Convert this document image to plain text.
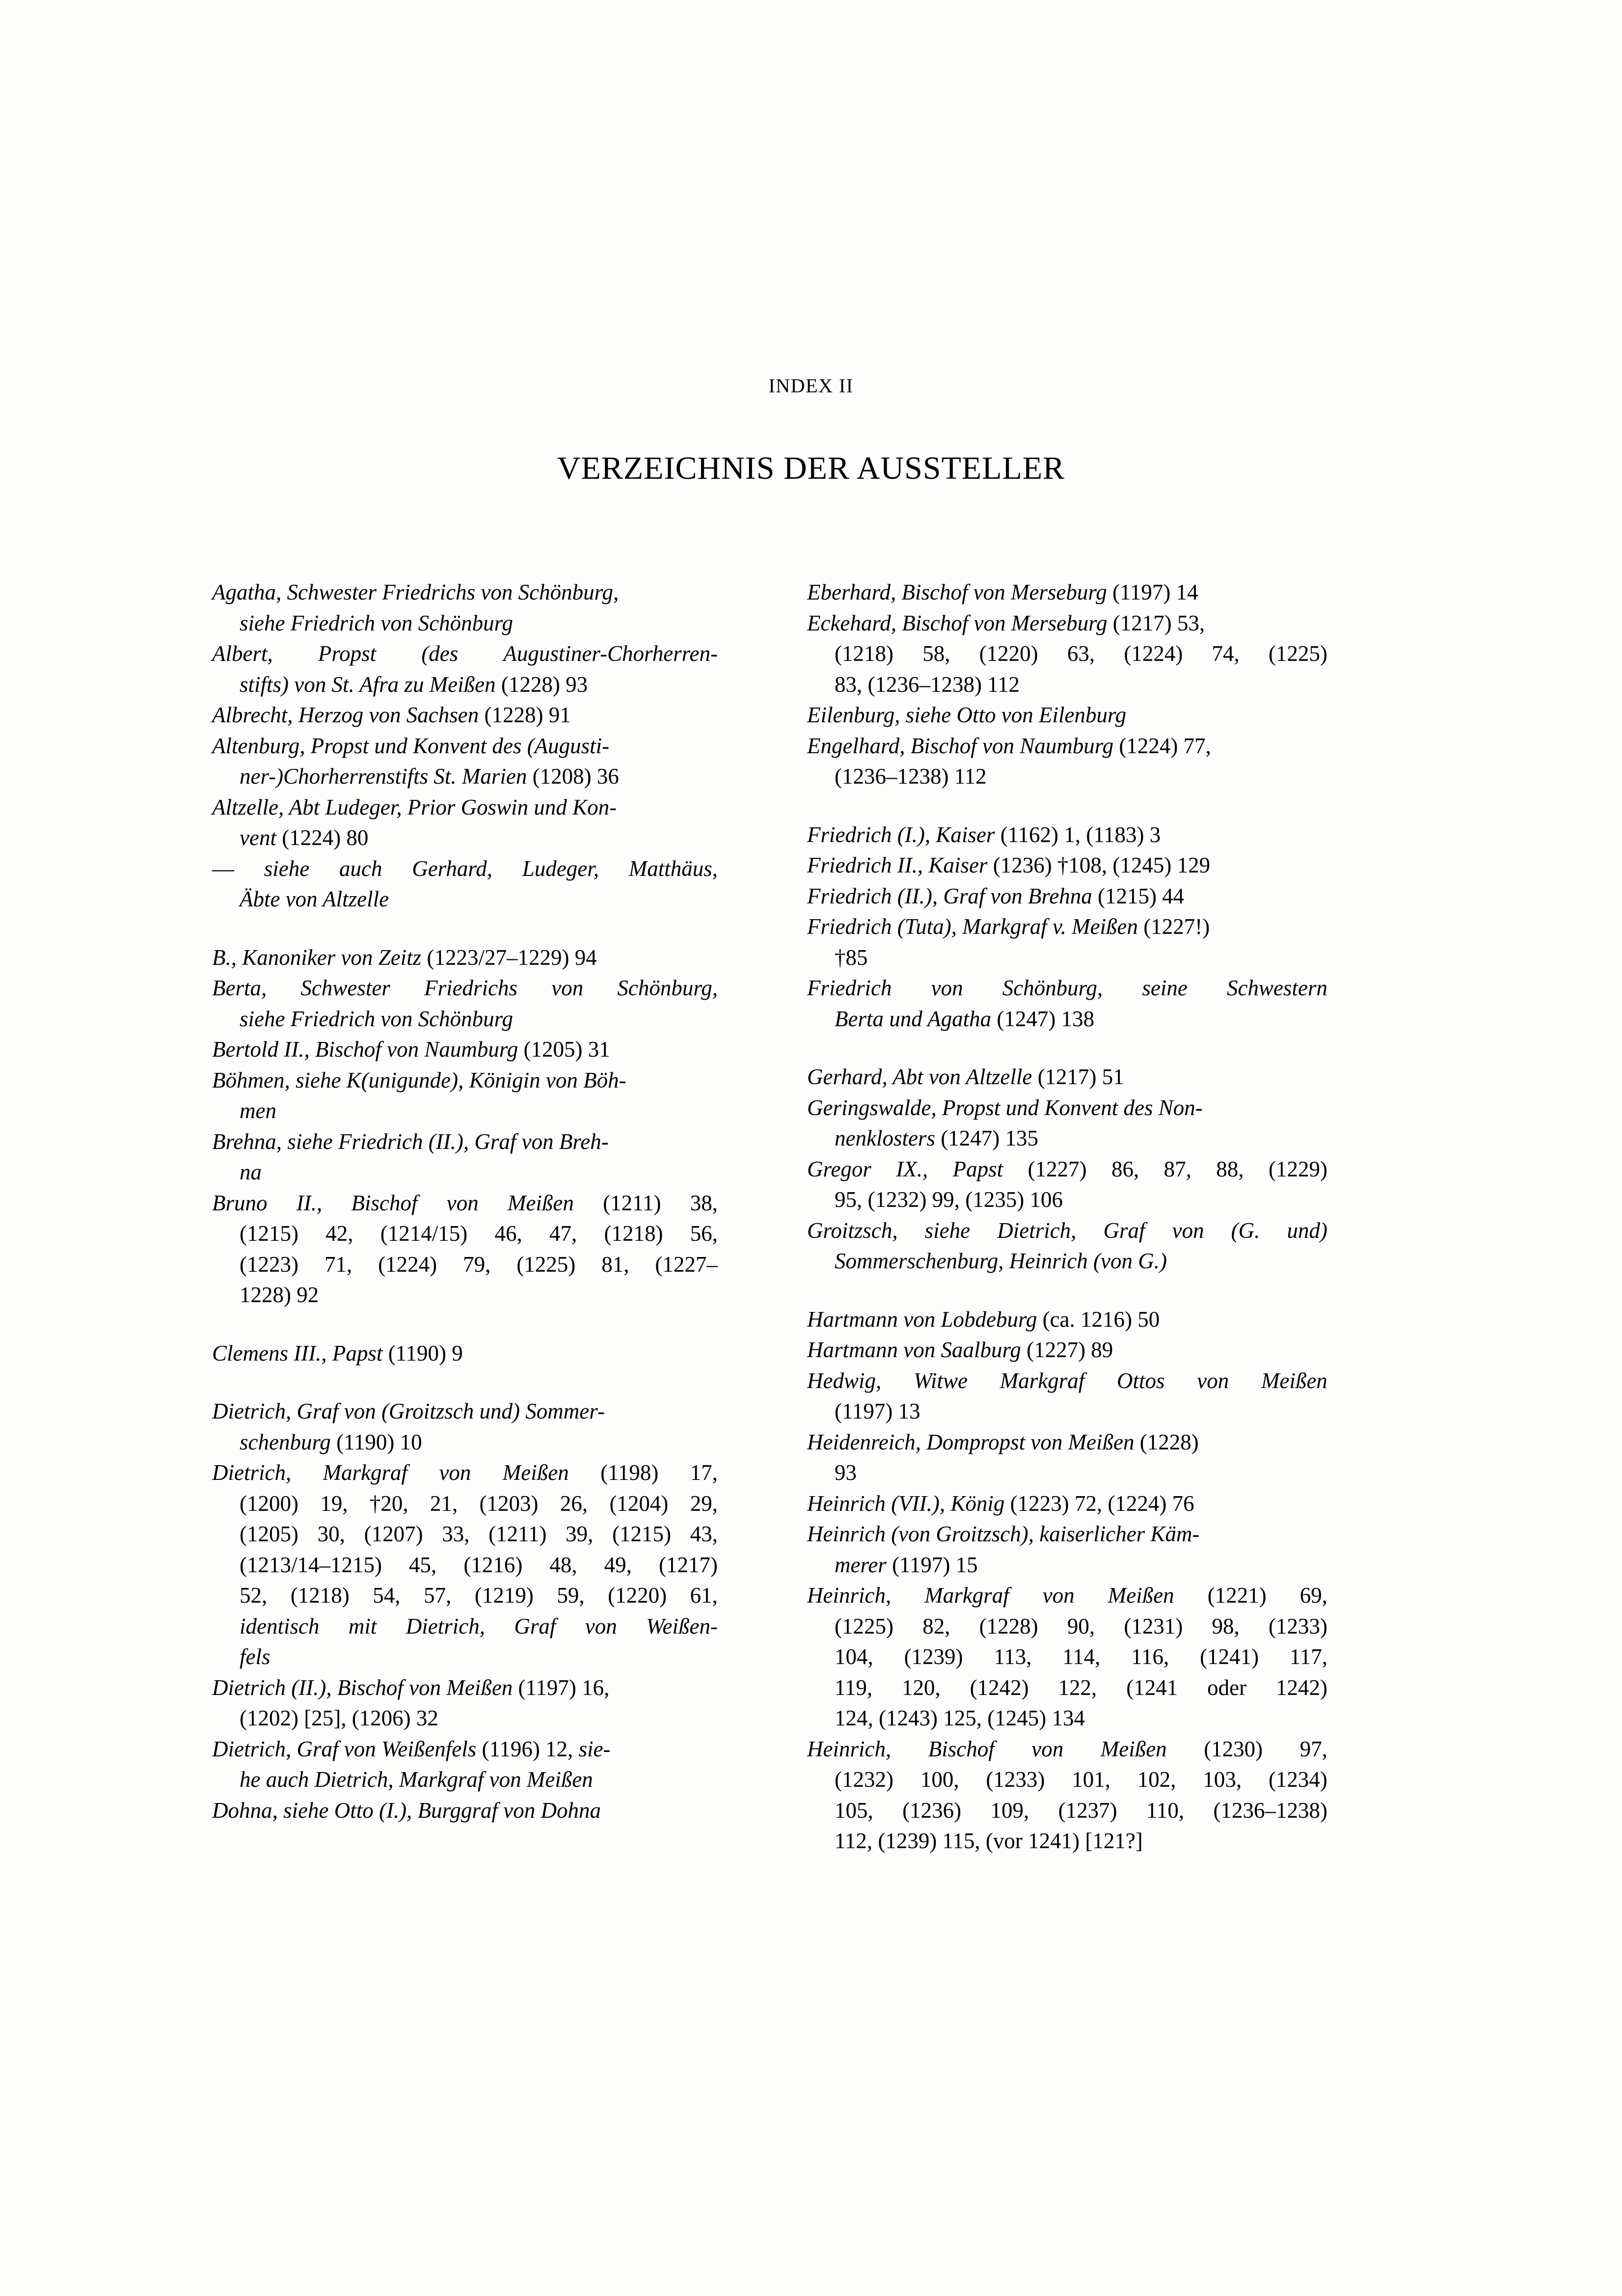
INDEX II
VERZEICHNIS DER AUSSTELLER
Agatha, Schwester Friedrichs von Schönburg,
siehe Friedrich von Schönburg
Albert, Propst (des Augustiner-Chorherren-
stifts) von St. Afra zu Meißen (1228) 93
Albrecht, Herzog von Sachsen (1228) 91
Altenburg, Propst und Konvent des (Augusti-
ner-)Chorherrenstifts St. Marien (1208) 36
Altzelle, Abt Ludeger, Prior Goswin und Kon-
vent (1224) 80
— siehe auch Gerhard, Ludeger, Matthäus,
Äbte von Altzelle
B., Kanoniker von Zeitz (1223/27–1229) 94
Berta, Schwester Friedrichs von Schönburg,
siehe Friedrich von Schönburg
Bertold II., Bischof von Naumburg (1205) 31
Böhmen, siehe K(unigunde), Königin von Böh-
men
Brehna, siehe Friedrich (II.), Graf von Breh-
na
Bruno II., Bischof von Meißen (1211) 38,
(1215) 42, (1214/15) 46, 47, (1218) 56,
(1223) 71, (1224) 79, (1225) 81, (1227–
1228) 92
Clemens III., Papst (1190) 9
Dietrich, Graf von (Groitzsch und) Sommer-
schenburg (1190) 10
Dietrich, Markgraf von Meißen (1198) 17,
(1200) 19, †20, 21, (1203) 26, (1204) 29,
(1205) 30, (1207) 33, (1211) 39, (1215) 43,
(1213/14–1215) 45, (1216) 48, 49, (1217)
52, (1218) 54, 57, (1219) 59, (1220) 61,
identisch mit Dietrich, Graf von Weißen-
fels
Dietrich (II.), Bischof von Meißen (1197) 16,
(1202) [25], (1206) 32
Dietrich, Graf von Weißenfels (1196) 12, sie-
he auch Dietrich, Markgraf von Meißen
Dohna, siehe Otto (I.), Burggraf von Dohna
Eberhard, Bischof von Merseburg (1197) 14
Eckehard, Bischof von Merseburg (1217) 53,
(1218) 58, (1220) 63, (1224) 74, (1225)
83, (1236–1238) 112
Eilenburg, siehe Otto von Eilenburg
Engelhard, Bischof von Naumburg (1224) 77,
(1236–1238) 112
Friedrich (I.), Kaiser (1162) 1, (1183) 3
Friedrich II., Kaiser (1236) †108, (1245) 129
Friedrich (II.), Graf von Brehna (1215) 44
Friedrich (Tuta), Markgraf v. Meißen (1227!)
†85
Friedrich von Schönburg, seine Schwestern
Berta und Agatha (1247) 138
Gerhard, Abt von Altzelle (1217) 51
Geringswalde, Propst und Konvent des Non-
nenklosters (1247) 135
Gregor IX., Papst (1227) 86, 87, 88, (1229)
95, (1232) 99, (1235) 106
Groitzsch, siehe Dietrich, Graf von (G. und)
Sommerschenburg, Heinrich (von G.)
Hartmann von Lobdeburg (ca. 1216) 50
Hartmann von Saalburg (1227) 89
Hedwig, Witwe Markgraf Ottos von Meißen
(1197) 13
Heidenreich, Dompropst von Meißen (1228)
93
Heinrich (VII.), König (1223) 72, (1224) 76
Heinrich (von Groitzsch), kaiserlicher Käm-
merer (1197) 15
Heinrich, Markgraf von Meißen (1221) 69,
(1225) 82, (1228) 90, (1231) 98, (1233)
104, (1239) 113, 114, 116, (1241) 117,
119, 120, (1242) 122, (1241 oder 1242)
124, (1243) 125, (1245) 134
Heinrich, Bischof von Meißen (1230) 97,
(1232) 100, (1233) 101, 102, 103, (1234)
105, (1236) 109, (1237) 110, (1236–1238)
112, (1239) 115, (vor 1241) [121?]
